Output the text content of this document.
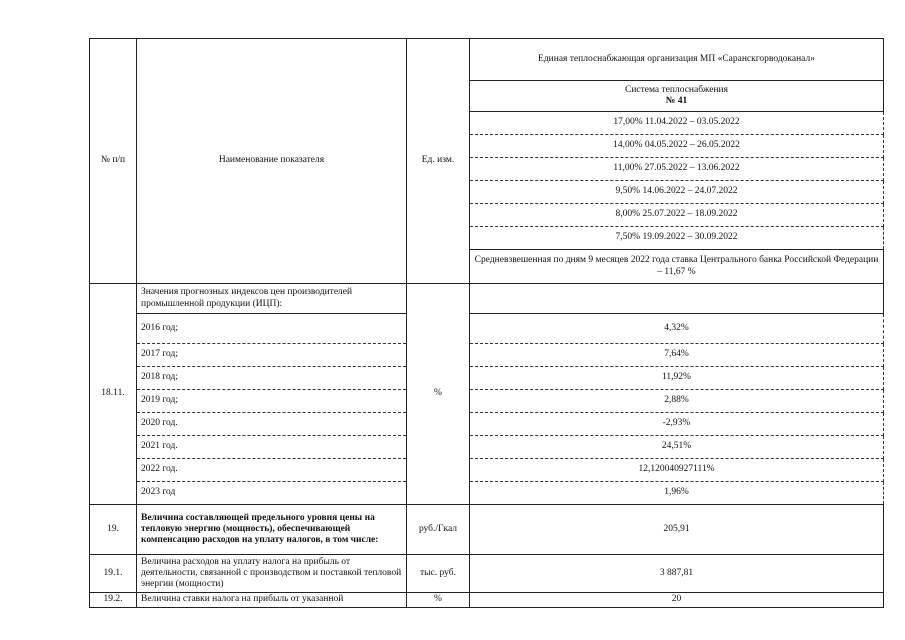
№ п/п	Наименование показателя	Ед. изм.	Единая теплоснабжающая организация МП «Саранскгорводоканал»

			Система теплоснабжения
№ 41

			17,00% 11.04.2022 – 03.05.2022
			14,00% 04.05.2022 – 26.05.2022
			11,00% 27.05.2022 – 13.06.2022
			9,50% 14.06.2022 – 24.07.2022
			8,00% 25.07.2022 – 18.09.2022
			7,50% 19.09.2022 – 30.09.2022
			Средневзвешенная по дням 9 месяцев 2022 года ставка Центрального банка Российской Федерации – 11,67 %
18.11.	Значения прогнозных индексов цен производителей промышленной продукции (ИЦП):	%	
	2016 год;		4,32%
	2017 год;		7,64%
	2018 год;		11,92%
	2019 год;		2,88%
	2020 год.		-2,93%
	2021 год.		24,51%
	2022 год.		12,120040927111%
	2023 год		1,96%
19.	Величина составляющей предельного уровня цены на тепловую энергию (мощность), обеспечивающей компенсацию расходов на уплату налогов, в том числе:	руб./Гкал	205,91
19.1.	Величина расходов на уплату налога на прибыль от деятельности, связанной с производством и поставкой тепловой энергии (мощности)	тыс. руб.	3 887,81
19.2.	Величина ставки налога на прибыль от указанной	%	20
